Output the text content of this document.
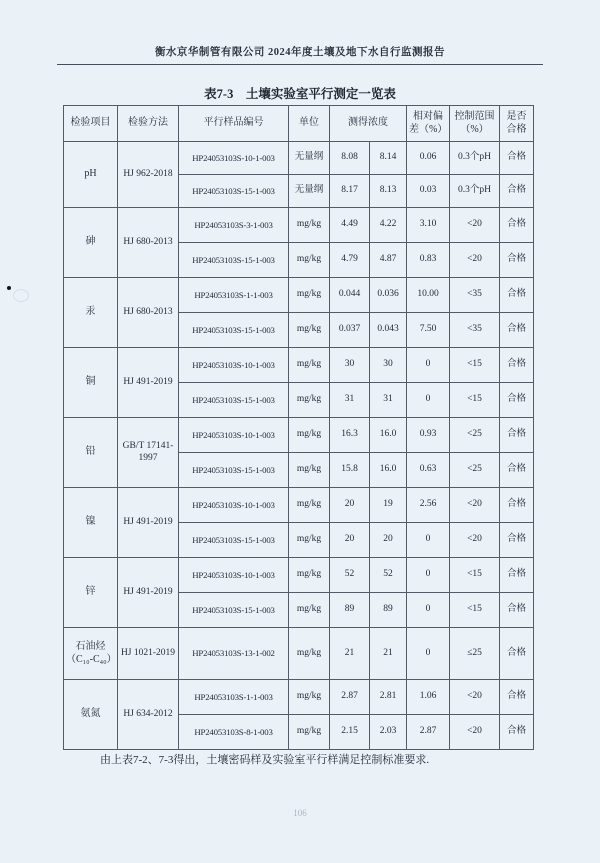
衡水京华制管有限公司 2024年度土壤及地下水自行监测报告
表7-3　土壤实验室平行测定一览表
检验项目	检验方法	平行样品编号	单位	测得浓度		相对偏差（%）	控制范围（%）	是否合格
pH	HJ 962-2018	HP24053103S-10-1-003	无量纲	8.08	8.14	0.06	0.3个pH	合格
		HP24053103S-15-1-003	无量纲	8.17	8.13	0.03	0.3个pH	合格
砷	HJ 680-2013	HP24053103S-3-1-003	mg/kg	4.49	4.22	3.10	<20	合格
		HP24053103S-15-1-003	mg/kg	4.79	4.87	0.83	<20	合格
汞	HJ 680-2013	HP24053103S-1-1-003	mg/kg	0.044	0.036	10.00	<35	合格
		HP24053103S-15-1-003	mg/kg	0.037	0.043	7.50	<35	合格
铜	HJ 491-2019	HP24053103S-10-1-003	mg/kg	30	30	0	<15	合格
		HP24053103S-15-1-003	mg/kg	31	31	0	<15	合格
铅	GB/T 17141-1997	HP24053103S-10-1-003	mg/kg	16.3	16.0	0.93	<25	合格
		HP24053103S-15-1-003	mg/kg	15.8	16.0	0.63	<25	合格
镍	HJ 491-2019	HP24053103S-10-1-003	mg/kg	20	19	2.56	<20	合格
		HP24053103S-15-1-003	mg/kg	20	20	0	<20	合格
锌	HJ 491-2019	HP24053103S-10-1-003	mg/kg	52	52	0	<15	合格
		HP24053103S-15-1-003	mg/kg	89	89	0	<15	合格
石油烃（C₁₀-C₄₀）	HJ 1021-2019	HP24053103S-13-1-002	mg/kg	21	21	0	≤25	合格
氨氮	HJ 634-2012	HP24053103S-1-1-003	mg/kg	2.87	2.81	1.06	<20	合格
		HP24053103S-8-1-003	mg/kg	2.15	2.03	2.87	<20	合格
由上表7-2、7-3得出，土壤密码样及实验室平行样满足控制标准要求.
106
